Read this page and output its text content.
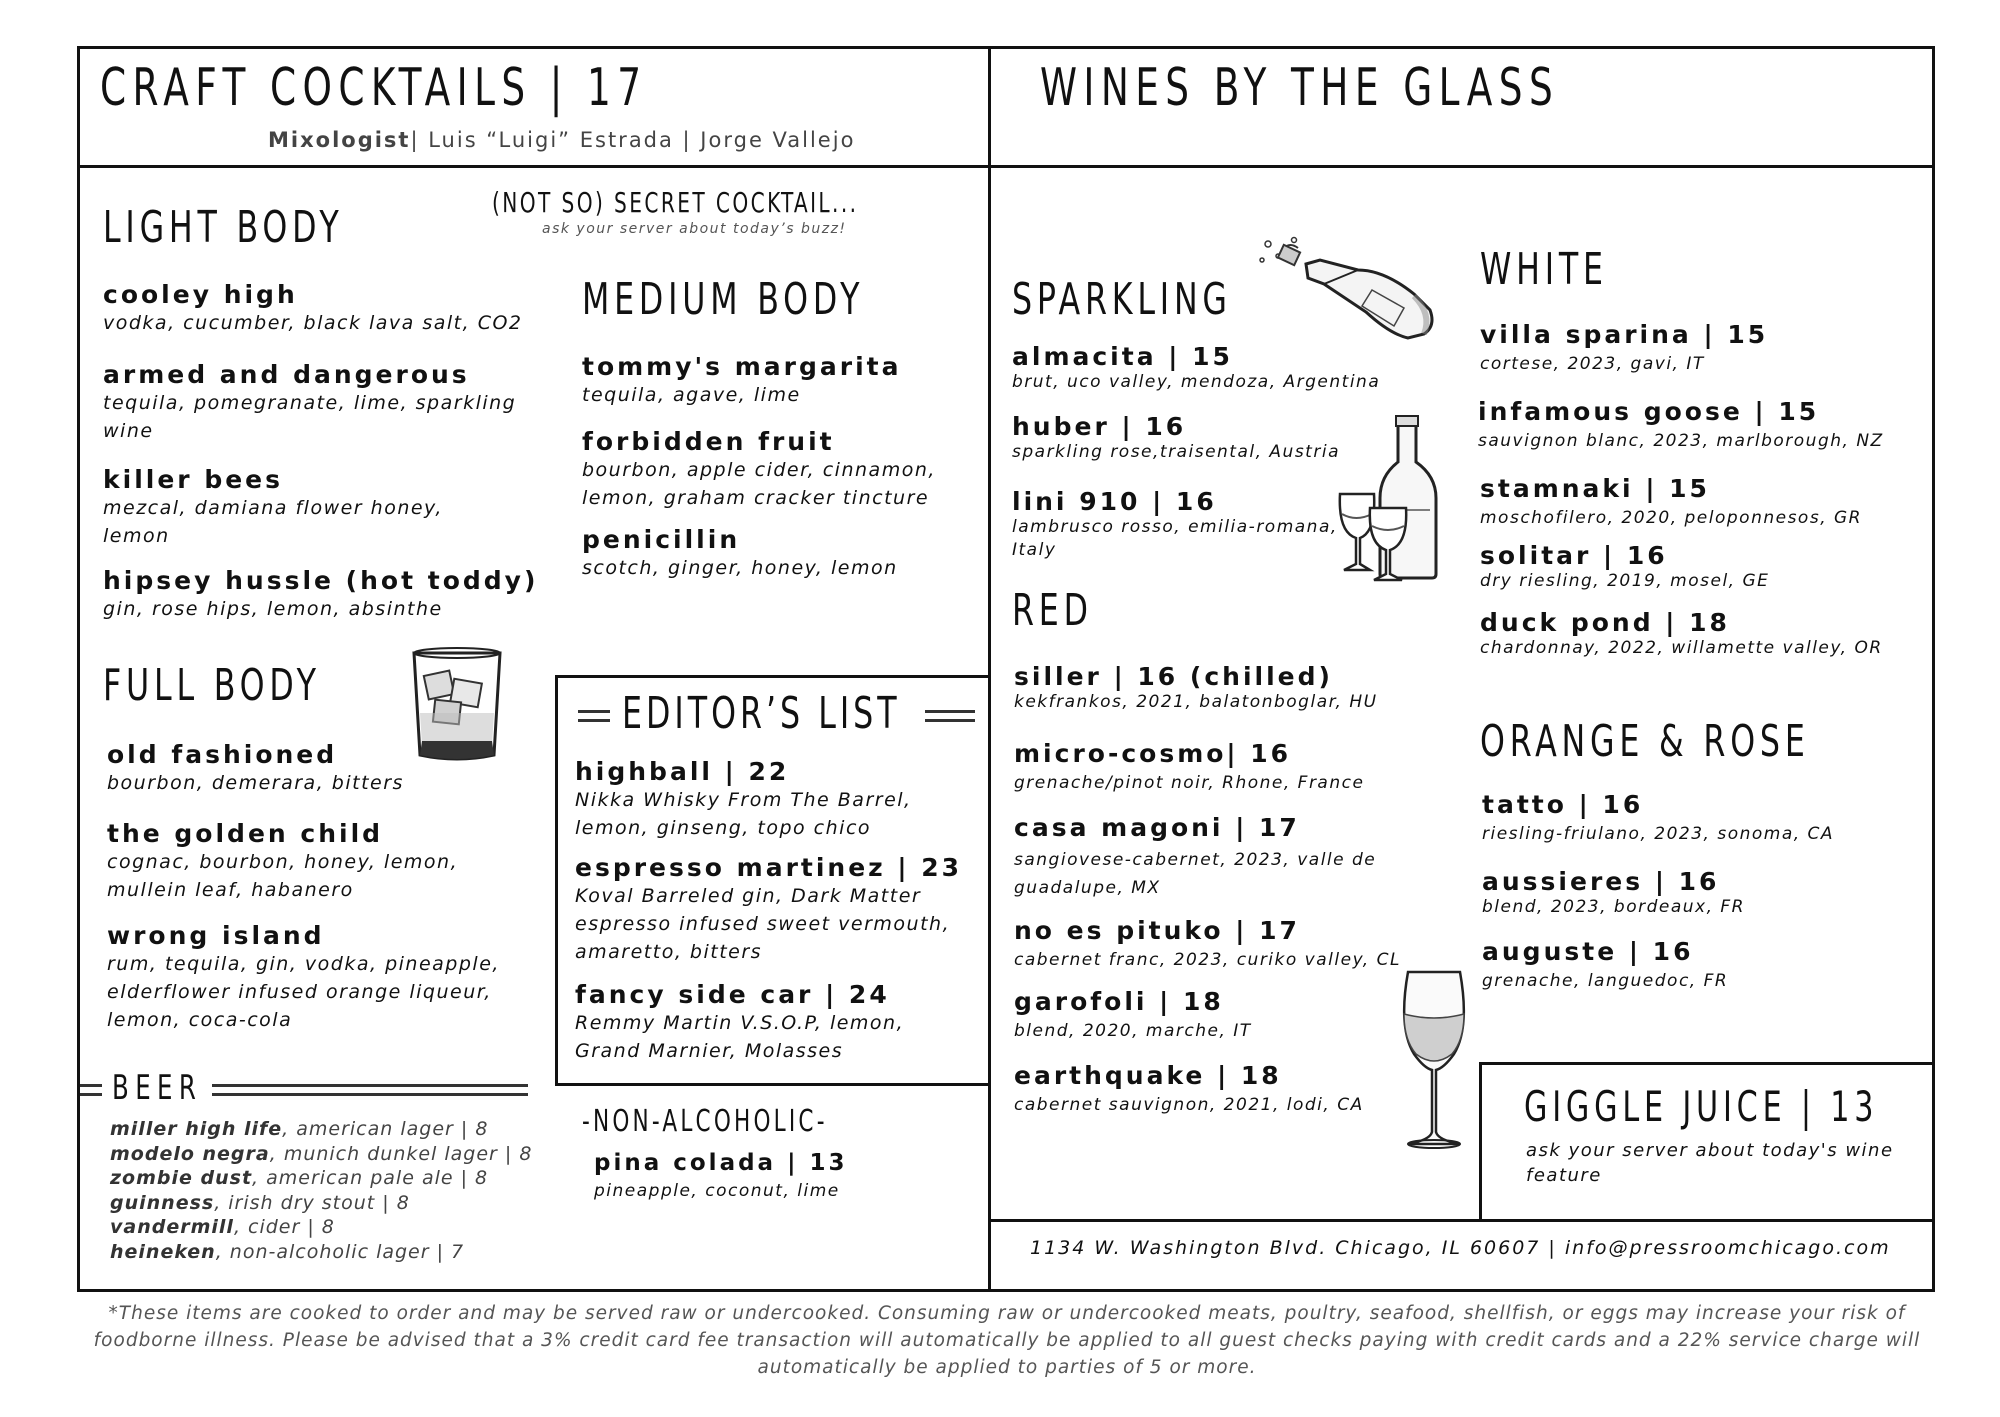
CRAFT COCKTAILS | 17
Mixologist| Luis “Luigi” Estrada | Jorge Vallejo
WINES BY THE GLASS
(NOT SO) SECRET COCKTAIL...
ask your server about today’s buzz!
LIGHT BODY
cooley high
vodka, cucumber, black lava salt, CO2
armed and dangerous
tequila, pomegranate, lime, sparkling wine
killer bees
mezcal, damiana flower honey, lemon
hipsey hussle (hot toddy)
gin, rose hips, lemon, absinthe
MEDIUM BODY
tommy's margarita
tequila, agave, lime
forbidden fruit
bourbon, apple cider, cinnamon, lemon, graham cracker tincture
penicillin
scotch, ginger, honey, lemon
FULL BODY
old fashioned
bourbon, demerara, bitters
the golden child
cognac, bourbon, honey, lemon, mullein leaf, habanero
wrong island
rum, tequila, gin, vodka, pineapple, elderflower infused orange liqueur, lemon, coca-cola
BEER
miller high life, american lager | 8
modelo negra, munich dunkel lager | 8
zombie dust, american pale ale | 8
guinness, irish dry stout | 8
vandermill, cider | 8
heineken, non-alcoholic lager | 7
EDITOR’S LIST
highball | 22
Nikka Whisky From The Barrel, lemon, ginseng, topo chico
espresso martinez | 23
Koval Barreled gin, Dark Matter espresso infused sweet vermouth, amaretto, bitters
fancy side car | 24
Remmy Martin V.S.O.P, lemon, Grand Marnier, Molasses
-NON-ALCOHOLIC-
pina colada | 13
pineapple, coconut, lime
SPARKLING
almacita | 15
brut, uco valley, mendoza, Argentina
huber | 16
sparkling rose,traisental, Austria
lini 910 | 16
lambrusco rosso, emilia-romana, Italy
RED
siller | 16 (chilled)
kekfrankos, 2021, balatonboglar, HU
micro-cosmo| 16
grenache/pinot noir, Rhone, France
casa magoni | 17
sangiovese-cabernet, 2023, valle de guadalupe, MX
no es pituko | 17
cabernet franc, 2023, curiko valley, CL
garofoli | 18
blend, 2020, marche, IT
earthquake | 18
cabernet sauvignon, 2021, lodi, CA
WHITE
villa sparina | 15
cortese, 2023, gavi, IT
infamous goose | 15
sauvignon blanc, 2023, marlborough, NZ
stamnaki | 15
moschofilero, 2020, peloponnesos, GR
solitar | 16
dry riesling, 2019, mosel, GE
duck pond | 18
chardonnay, 2022, willamette valley, OR
ORANGE & ROSE
tatto | 16
riesling-friulano, 2023, sonoma, CA
aussieres | 16
blend, 2023, bordeaux, FR
auguste | 16
grenache, languedoc, FR
GIGGLE JUICE | 13
ask your server about today's wine feature
1134 W. Washington Blvd. Chicago, IL 60607 | info@pressroomchicago.com
*These items are cooked to order and may be served raw or undercooked. Consuming raw or undercooked meats, poultry, seafood, shellfish, or eggs may increase your risk of foodborne illness. Please be advised that a 3% credit card fee transaction will automatically be applied to all guest checks paying with credit cards and a 22% service charge will automatically be applied to parties of 5 or more.
